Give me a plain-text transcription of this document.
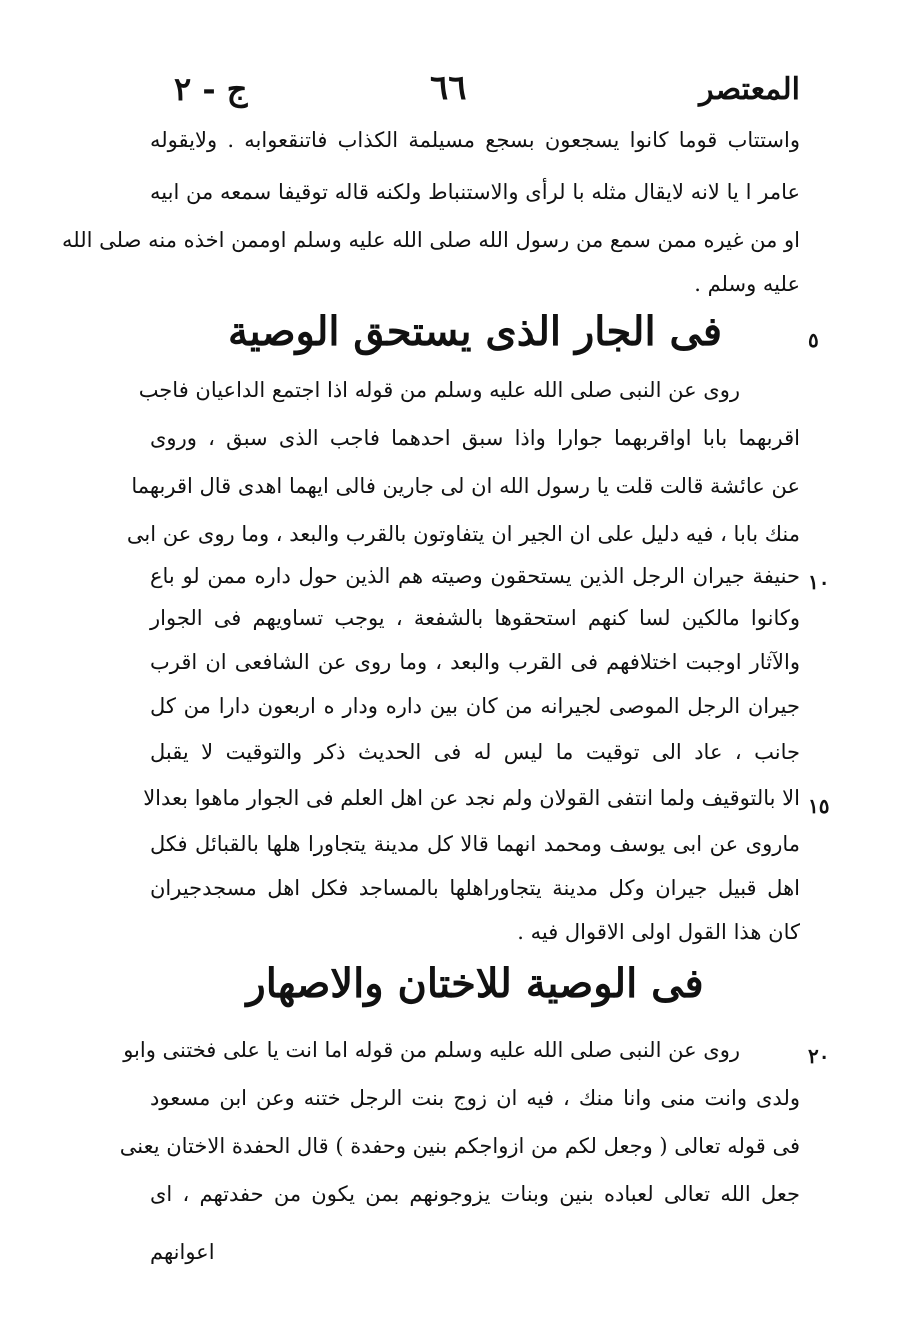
المعتصر
٦٦
ج - ٢
واستتاب قوما كانوا يسجعون بسجع مسيلمة الكذاب فاتنقعوابه . ولايقوله
عامر ا يا لانه لايقال مثله با لرأى والاستنباط ولكنه قاله توقيفا سمعه من ابيه
او من غيره ممن سمع من رسول الله صلى الله عليه وسلم اوممن اخذه منه صلى الله
عليه وسلم .
فى الجار الذى يستحق الوصية	٥
روى عن النبى صلى الله عليه وسلم من قوله اذا اجتمع الداعيان فاجب
اقربهما بابا اواقربهما جوارا واذا سبق احدهما فاجب الذى سبق ، وروى
عن عائشة قالت قلت يا رسول الله ان لى جارين فالى ايهما اهدى قال اقربهما
منك بابا ، فيه دليل على ان الجير ان يتفاوتون بالقرب والبعد ، وما روى عن ابى
حنيفة جيران الرجل الذين يستحقون وصيته هم الذين حول داره ممن لو باع ١٠
وكانوا مالكين لسا كنهم استحقوها بالشفعة ، يوجب تساويهم فى الجوار
والآثار اوجبت اختلافهم فى القرب والبعد ، وما روى عن الشافعى ان اقرب
جيران الرجل الموصى لجيرانه من كان بين داره ودار ه اربعون دارا من كل
جانب ، عاد الى توقيت ما ليس له فى الحديث ذكر والتوقيت لا يقبل
الا بالتوقيف ولما انتفى القولان ولم نجد عن اهل العلم فى الجوار ماهوا بعدالا ١٥
ماروى عن ابى يوسف ومحمد انهما قالا كل مدينة يتجاورا هلها بالقبائل فكل
اهل قبيل جيران وكل مدينة يتجاوراهلها بالمساجد فكل اهل مسجدجيران
كان هذا القول اولى الاقوال فيه .
فى الوصية للاختان والاصهار
روى عن النبى صلى الله عليه وسلم من قوله اما انت يا على فختنى وابو	٢٠
ولدى وانت منى وانا منك ، فيه ان زوج بنت الرجل ختنه وعن ابن مسعود
فى قوله تعالى ( وجعل لكم من ازواجكم بنين وحفدة ) قال الحفدة الاختان يعنى
جعل الله تعالى لعباده بنين وبنات يزوجونهم بمن يكون من حفدتهم ، اى
اعوانهم
